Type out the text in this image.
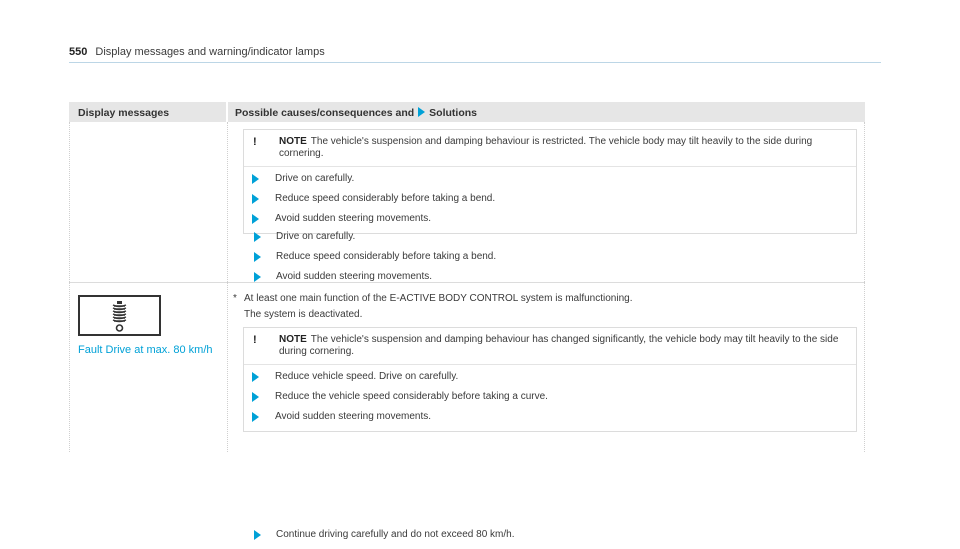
550 Display messages and warning/indicator lamps
Display messages	Possible causes/consequences and Solutions
! NOTE The vehicle's suspension and damping behaviour is restricted. The vehicle body may tilt heavily to the side during cornering.
Drive on carefully.
Reduce speed considerably before taking a bend.
Avoid sudden steering movements.
Drive on carefully.
Reduce speed considerably before taking a bend.
Avoid sudden steering movements.
Fault Drive at max. 80 km/h
* At least one main function of the E-ACTIVE BODY CONTROL system is malfunctioning.
The system is deactivated.
! NOTE The vehicle's suspension and damping behaviour has changed significantly, the vehicle body may tilt heavily to the side during cornering.
Reduce vehicle speed. Drive on carefully.
Reduce the vehicle speed considerably before taking a curve.
Avoid sudden steering movements.
Continue driving carefully and do not exceed 80 km/h.
